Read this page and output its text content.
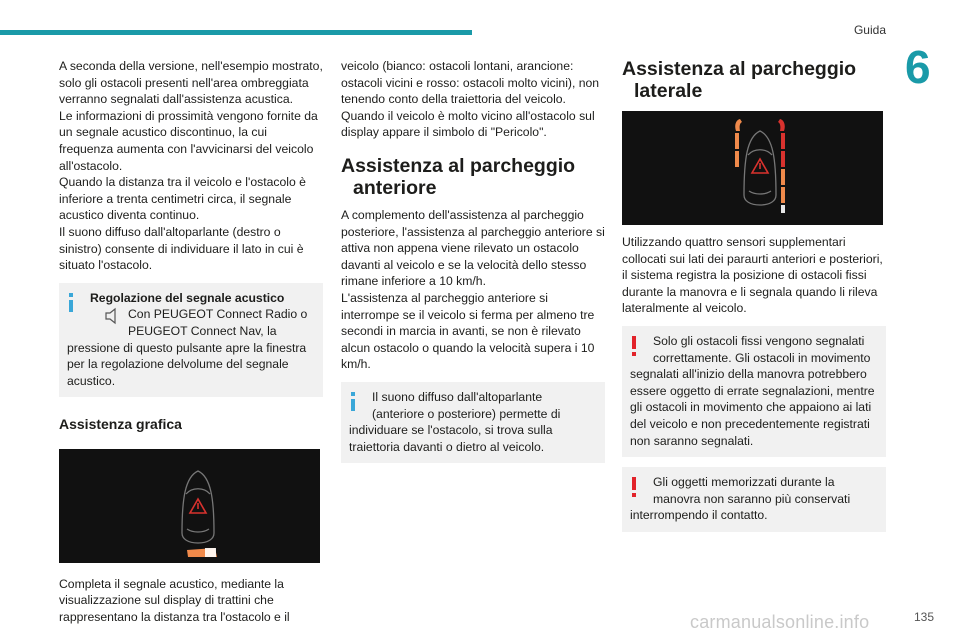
Guida
6

A seconda della versione, nell'esempio mostrato, solo gli ostacoli presenti nell'area ombreggiata verranno segnalati dall'assistenza acustica.

Le informazioni di prossimità vengono fornite da un segnale acustico discontinuo, la cui frequenza aumenta con l'avvicinarsi del veicolo all'ostacolo.

Quando la distanza tra il veicolo e l'ostacolo è inferiore a trenta centimetri circa, il segnale acustico diventa continuo.

Il suono diffuso dall'altoparlante (destro o sinistro) consente di individuare il lato in cui è situato l'ostacolo.

Regolazione del segnale acustico

Con PEUGEOT Connect Radio o

PEUGEOT Connect Nav, la

pressione di questo pulsante apre la finestra per la regolazione delvolume del segnale acustico.

Assistenza grafica

Completa il segnale acustico, mediante la visualizzazione sul display di trattini che rappresentano la distanza tra l'ostacolo e il

veicolo (bianco: ostacoli lontani, arancione: ostacoli vicini e rosso: ostacoli molto vicini), non tenendo conto della traiettoria del veicolo.

Quando il veicolo è molto vicino all'ostacolo sul display appare il simbolo di "Pericolo".

Assistenza al parcheggio
anteriore

A complemento dell'assistenza al parcheggio posteriore, l'assistenza al parcheggio anteriore si attiva non appena viene rilevato un ostacolo davanti al veicolo e se la velocità dello stesso rimane inferiore a 10 km/h.

L'assistenza al parcheggio anteriore si interrompe se il veicolo si ferma per almeno tre secondi in marcia in avanti, se non è rilevato alcun ostacolo o quando la velocità supera i 10 km/h.

Il suono diffuso dall'altoparlante

(anteriore o posteriore) permette di

individuare se l'ostacolo, si trova sulla traiettoria davanti o dietro al veicolo.

Assistenza al parcheggio
laterale

Utilizzando quattro sensori supplementari collocati sui lati dei paraurti anteriori e posteriori, il sistema registra la posizione di ostacoli fissi durante la manovra e li segnala quando li rileva lateralmente al veicolo.

Solo gli ostacoli fissi vengono segnalati

correttamente. Gli ostacoli in movimento

segnalati all'inizio della manovra potrebbero essere oggetto di errate segnalazioni, mentre gli ostacoli in movimento che appaiono ai lati del veicolo e non precedentemente registrati non saranno segnalati.

Gli oggetti memorizzati durante la

manovra non saranno più conservati

interrompendo il contatto.

carmanualsonline.info	135
